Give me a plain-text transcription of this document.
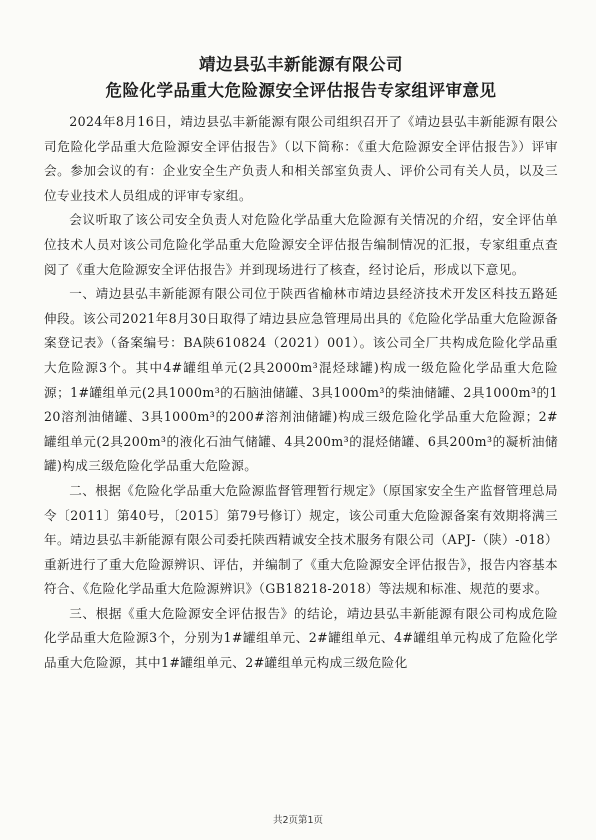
靖边县弘丰新能源有限公司
危险化学品重大危险源安全评估报告专家组评审意见

2024年8月16日，靖边县弘丰新能源有限公司组织召开了《靖边县弘丰新能源有限公司危险化学品重大危险源安全评估报告》（以下简称：《重大危险源安全评估报告》）评审会。参加会议的有：企业安全生产负责人和相关部室负责人、评价公司有关人员，以及三位专业技术人员组成的评审专家组。

会议听取了该公司安全负责人对危险化学品重大危险源有关情况的介绍，安全评估单位技术人员对该公司危险化学品重大危险源安全评估报告编制情况的汇报，专家组重点查阅了《重大危险源安全评估报告》并到现场进行了核查，经讨论后，形成以下意见。

一、靖边县弘丰新能源有限公司位于陕西省榆林市靖边县经济技术开发区科技五路延伸段。该公司2021年8月30日取得了靖边县应急管理局出具的《危险化学品重大危险源备案登记表》（备案编号：BA陕610824（2021）001）。该公司全厂共构成危险化学品重大危险源3个。其中4#罐组单元(2具2000m³混烃球罐)构成一级危险化学品重大危险源；1#罐组单元(2具1000m³的石脑油储罐、3具1000m³的柴油储罐、2具1000m³的120溶剂油储罐、3具1000m³的200#溶剂油储罐)构成三级危险化学品重大危险源；2#罐组单元(2具200m³的液化石油气储罐、4具200m³的混烃储罐、6具200m³的凝析油储罐)构成三级危险化学品重大危险源。

二、根据《危险化学品重大危险源监督管理暂行规定》（原国家安全生产监督管理总局令〔2011〕第40号，〔2015〕第79号修订）规定，该公司重大危险源备案有效期将满三年。靖边县弘丰新能源有限公司委托陕西精诚安全技术服务有限公司（APJ-（陕）-018）重新进行了重大危险源辨识、评估，并编制了《重大危险源安全评估报告》，报告内容基本符合、《危险化学品重大危险源辨识》（GB18218-2018）等法规和标准、规范的要求。

三、根据《重大危险源安全评估报告》的结论，靖边县弘丰新能源有限公司构成危险化学品重大危险源3个，分别为1#罐组单元、2#罐组单元、4#罐组单元构成了危险化学品重大危险源，其中1#罐组单元、2#罐组单元构成三级危险化

共2页第1页
